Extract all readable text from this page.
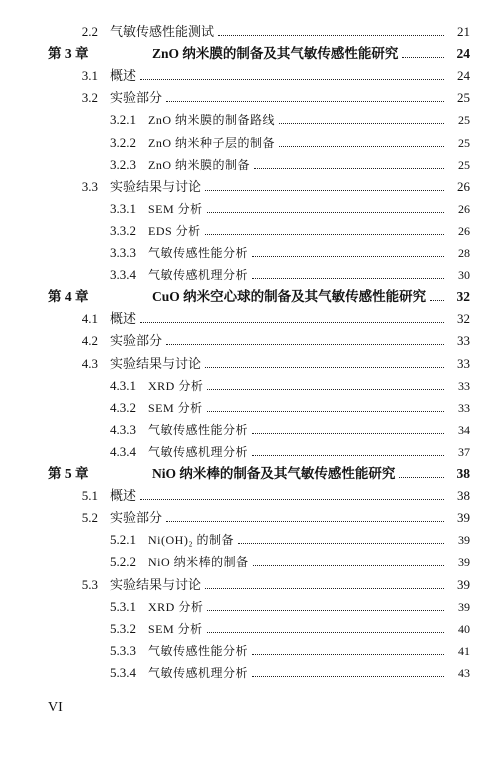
2.2 气敏传感性能测试	21
第 3 章	ZnO 纳米膜的制备及其气敏传感性能研究	24
3.1 概述	24
3.2 实验部分	25
3.2.1 ZnO 纳米膜的制备路线	25
3.2.2 ZnO 纳米种子层的制备	25
3.2.3 ZnO 纳米膜的制备	25
3.3 实验结果与讨论	26
3.3.1 SEM 分析	26
3.3.2 EDS 分析	26
3.3.3 气敏传感性能分析	28
3.3.4 气敏传感机理分析	30
第 4 章	CuO 纳米空心球的制备及其气敏传感性能研究	32
4.1 概述	32
4.2 实验部分	33
4.3 实验结果与讨论	33
4.3.1 XRD 分析	33
4.3.2 SEM 分析	33
4.3.3 气敏传感性能分析	34
4.3.4 气敏传感机理分析	37
第 5 章	NiO 纳米棒的制备及其气敏传感性能研究	38
5.1 概述	38
5.2 实验部分	39
5.2.1 Ni(OH)₂ 的制备	39
5.2.2 NiO 纳米棒的制备	39
5.3 实验结果与讨论	39
5.3.1 XRD 分析	39
5.3.2 SEM 分析	40
5.3.3 气敏传感性能分析	41
5.3.4 气敏传感机理分析	43
VI
